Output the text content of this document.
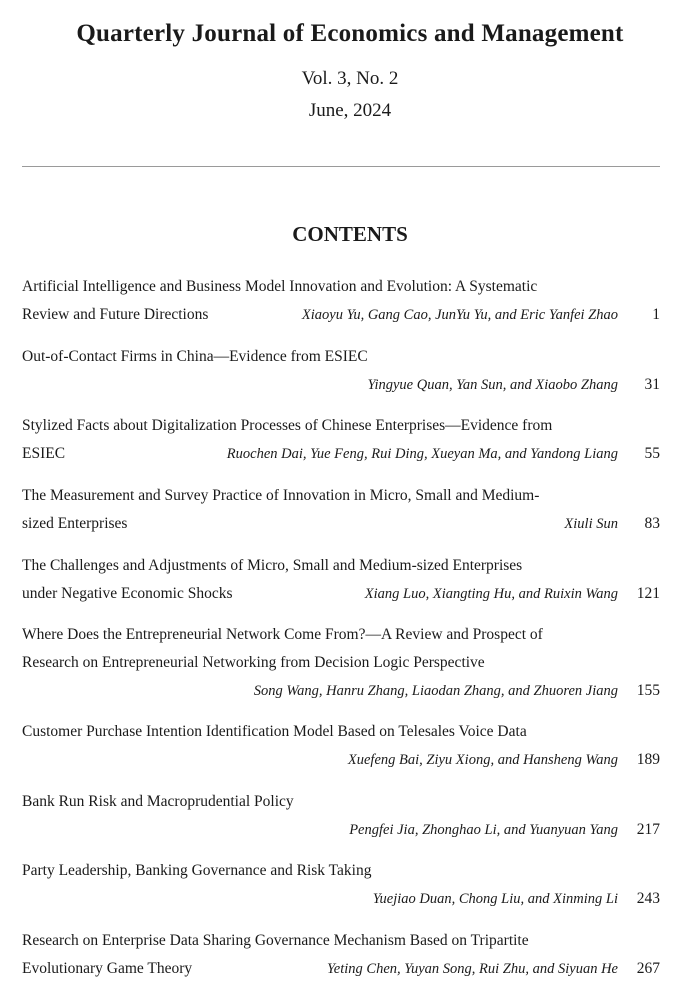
Quarterly Journal of Economics and Management
Vol. 3, No. 2
June, 2024
CONTENTS
Artificial Intelligence and Business Model Innovation and Evolution: A Systematic
Review and Future Directions	Xiaoyu Yu, Gang Cao, JunYu Yu, and Eric Yanfei Zhao 1
Out-of-Contact Firms in China—Evidence from ESIEC
Yingyue Quan, Yan Sun, and Xiaobo Zhang 31
Stylized Facts about Digitalization Processes of Chinese Enterprises—Evidence from
ESIEC	Ruochen Dai, Yue Feng, Rui Ding, Xueyan Ma, and Yandong Liang 55
The Measurement and Survey Practice of Innovation in Micro, Small and Medium-
sized Enterprises	Xiuli Sun 83
The Challenges and Adjustments of Micro, Small and Medium-sized Enterprises
under Negative Economic Shocks	Xiang Luo, Xiangting Hu, and Ruixin Wang 121
Where Does the Entrepreneurial Network Come From?—A Review and Prospect of
Research on Entrepreneurial Networking from Decision Logic Perspective
Song Wang, Hanru Zhang, Liaodan Zhang, and Zhuoren Jiang 155
Customer Purchase Intention Identification Model Based on Telesales Voice Data
Xuefeng Bai, Ziyu Xiong, and Hansheng Wang 189
Bank Run Risk and Macroprudential Policy
Pengfei Jia, Zhonghao Li, and Yuanyuan Yang 217
Party Leadership, Banking Governance and Risk Taking
Yuejiao Duan, Chong Liu, and Xinming Li 243
Research on Enterprise Data Sharing Governance Mechanism Based on Tripartite
Evolutionary Game Theory	Yeting Chen, Yuyan Song, Rui Zhu, and Siyuan He 267
